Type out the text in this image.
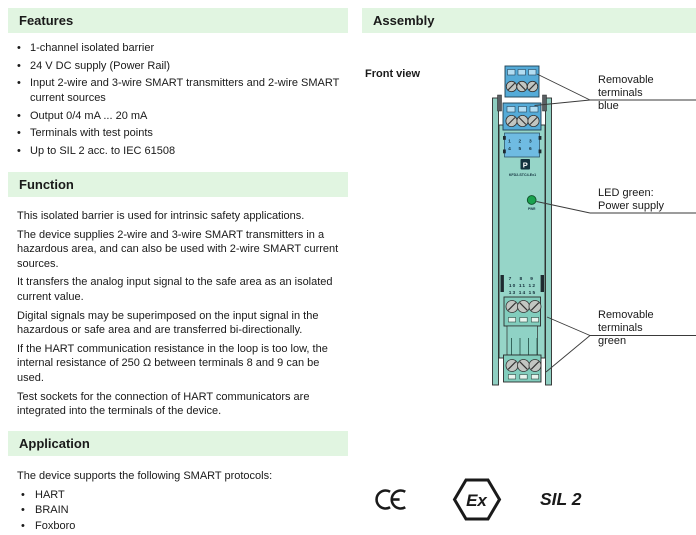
Features
• 1-channel isolated barrier
• 24 V DC supply (Power Rail)
• Input 2-wire and 3-wire SMART transmitters and 2-wire SMART current sources
• Output 0/4 mA ... 20 mA
• Terminals with test points
• Up to SIL 2 acc. to IEC 61508
Function

This isolated barrier is used for intrinsic safety applications.

The device supplies 2-wire and 3-wire SMART transmitters in a hazardous area, and can also be used with 2-wire SMART current sources.

It transfers the analog input signal to the safe area as an isolated current value.

Digital signals may be superimposed on the input signal in the hazardous or safe area and are transferred bi-directionally.

If the HART communication resistance in the loop is too low, the internal resistance of 250 Ω between terminals 8 and 9 can be used.

Test sockets for the connection of HART communicators are integrated into the terminals of the device.

Application
The device supports the following SMART protocols:
• HART
• BRAIN
• Foxboro
Assembly
Front view
1 2 3
4 5 6
P
KFD2-STC4-Ex1
PWR
7 8 9
10 11 12
13 14 15
Removable terminals
blue
LED green:
Power supply
Removable terminals
green
Ex	SIL 2
